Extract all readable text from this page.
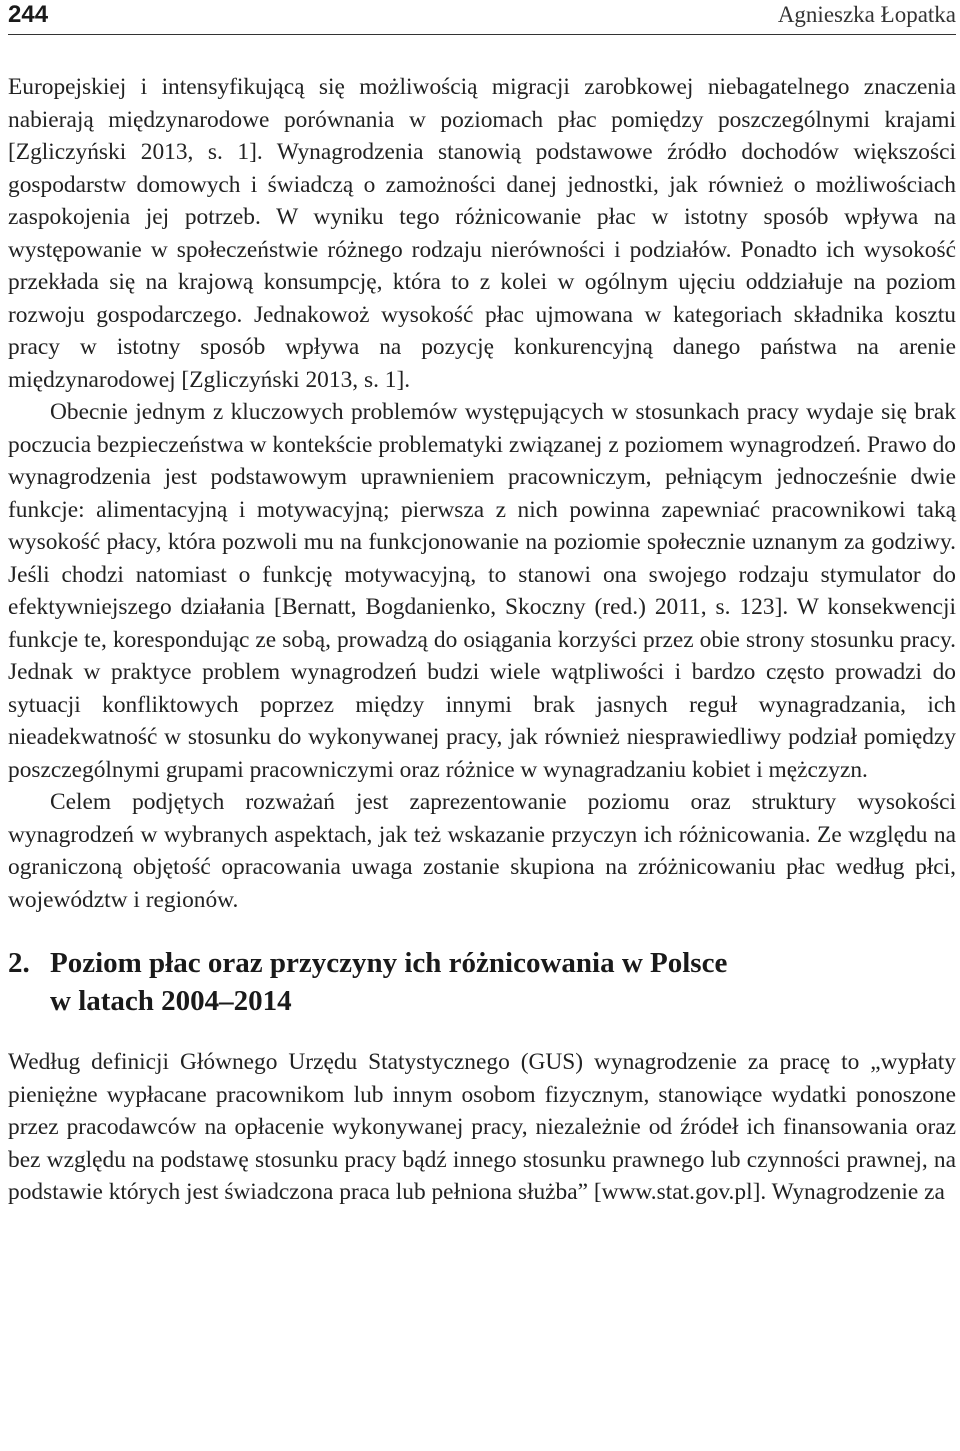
244	Agnieszka Łopatka

Europejskiej i intensyfikującą się możliwością migracji zarobkowej niebagatelnego znaczenia nabierają międzynarodowe porównania w poziomach płac pomiędzy poszczególnymi krajami [Zgliczyński 2013, s. 1]. Wynagrodzenia stanowią podstawowe źródło dochodów większości gospodarstw domowych i świadczą o zamożności danej jednostki, jak również o możliwościach zaspokojenia jej potrzeb. W wyniku tego różnicowanie płac w istotny sposób wpływa na występowanie w społeczeństwie różnego rodzaju nierówności i podziałów. Ponadto ich wysokość przekłada się na krajową konsumpcję, która to z kolei w ogólnym ujęciu oddziałuje na poziom rozwoju gospodarczego. Jednakowoż wysokość płac ujmowana w kategoriach składnika kosztu pracy w istotny sposób wpływa na pozycję konkurencyjną danego państwa na arenie międzynarodowej [Zgliczyński 2013, s. 1].

Obecnie jednym z kluczowych problemów występujących w stosunkach pracy wydaje się brak poczucia bezpieczeństwa w kontekście problematyki związanej z poziomem wynagrodzeń. Prawo do wynagrodzenia jest podstawowym uprawnieniem pracowniczym, pełniącym jednocześnie dwie funkcje: alimentacyjną i motywacyjną; pierwsza z nich powinna zapewniać pracownikowi taką wysokość płacy, która pozwoli mu na funkcjonowanie na poziomie społecznie uznanym za godziwy. Jeśli chodzi natomiast o funkcję motywacyjną, to stanowi ona swojego rodzaju stymulator do efektywniejszego działania [Bernatt, Bogdanienko, Skoczny (red.) 2011, s. 123]. W konsekwencji funkcje te, korespondując ze sobą, prowadzą do osiągania korzyści przez obie strony stosunku pracy. Jednak w praktyce problem wynagrodzeń budzi wiele wątpliwości i bardzo często prowadzi do sytuacji konfliktowych poprzez między innymi brak jasnych reguł wynagradzania, ich nieadekwatność w stosunku do wykonywanej pracy, jak również niesprawiedliwy podział pomiędzy poszczególnymi grupami pracowniczymi oraz różnice w wynagradzaniu kobiet i mężczyzn.

Celem podjętych rozważań jest zaprezentowanie poziomu oraz struktury wysokości wynagrodzeń w wybranych aspektach, jak też wskazanie przyczyn ich różnicowania. Ze względu na ograniczoną objętość opracowania uwaga zostanie skupiona na zróżnicowaniu płac według płci, województw i regionów.

2. Poziom płac oraz przyczyny ich różnicowania w Polsce
w latach 2004–2014

Według definicji Głównego Urzędu Statystycznego (GUS) wynagrodzenie za pracę to „wypłaty pieniężne wypłacane pracownikom lub innym osobom fizycznym, stanowiące wydatki ponoszone przez pracodawców na opłacenie wykonywanej pracy, niezależnie od źródeł ich finansowania oraz bez względu na podstawę stosunku pracy bądź innego stosunku prawnego lub czynności prawnej, na podstawie których jest świadczona praca lub pełniona służba” [www.stat.gov.pl]. Wynagrodzenie za
